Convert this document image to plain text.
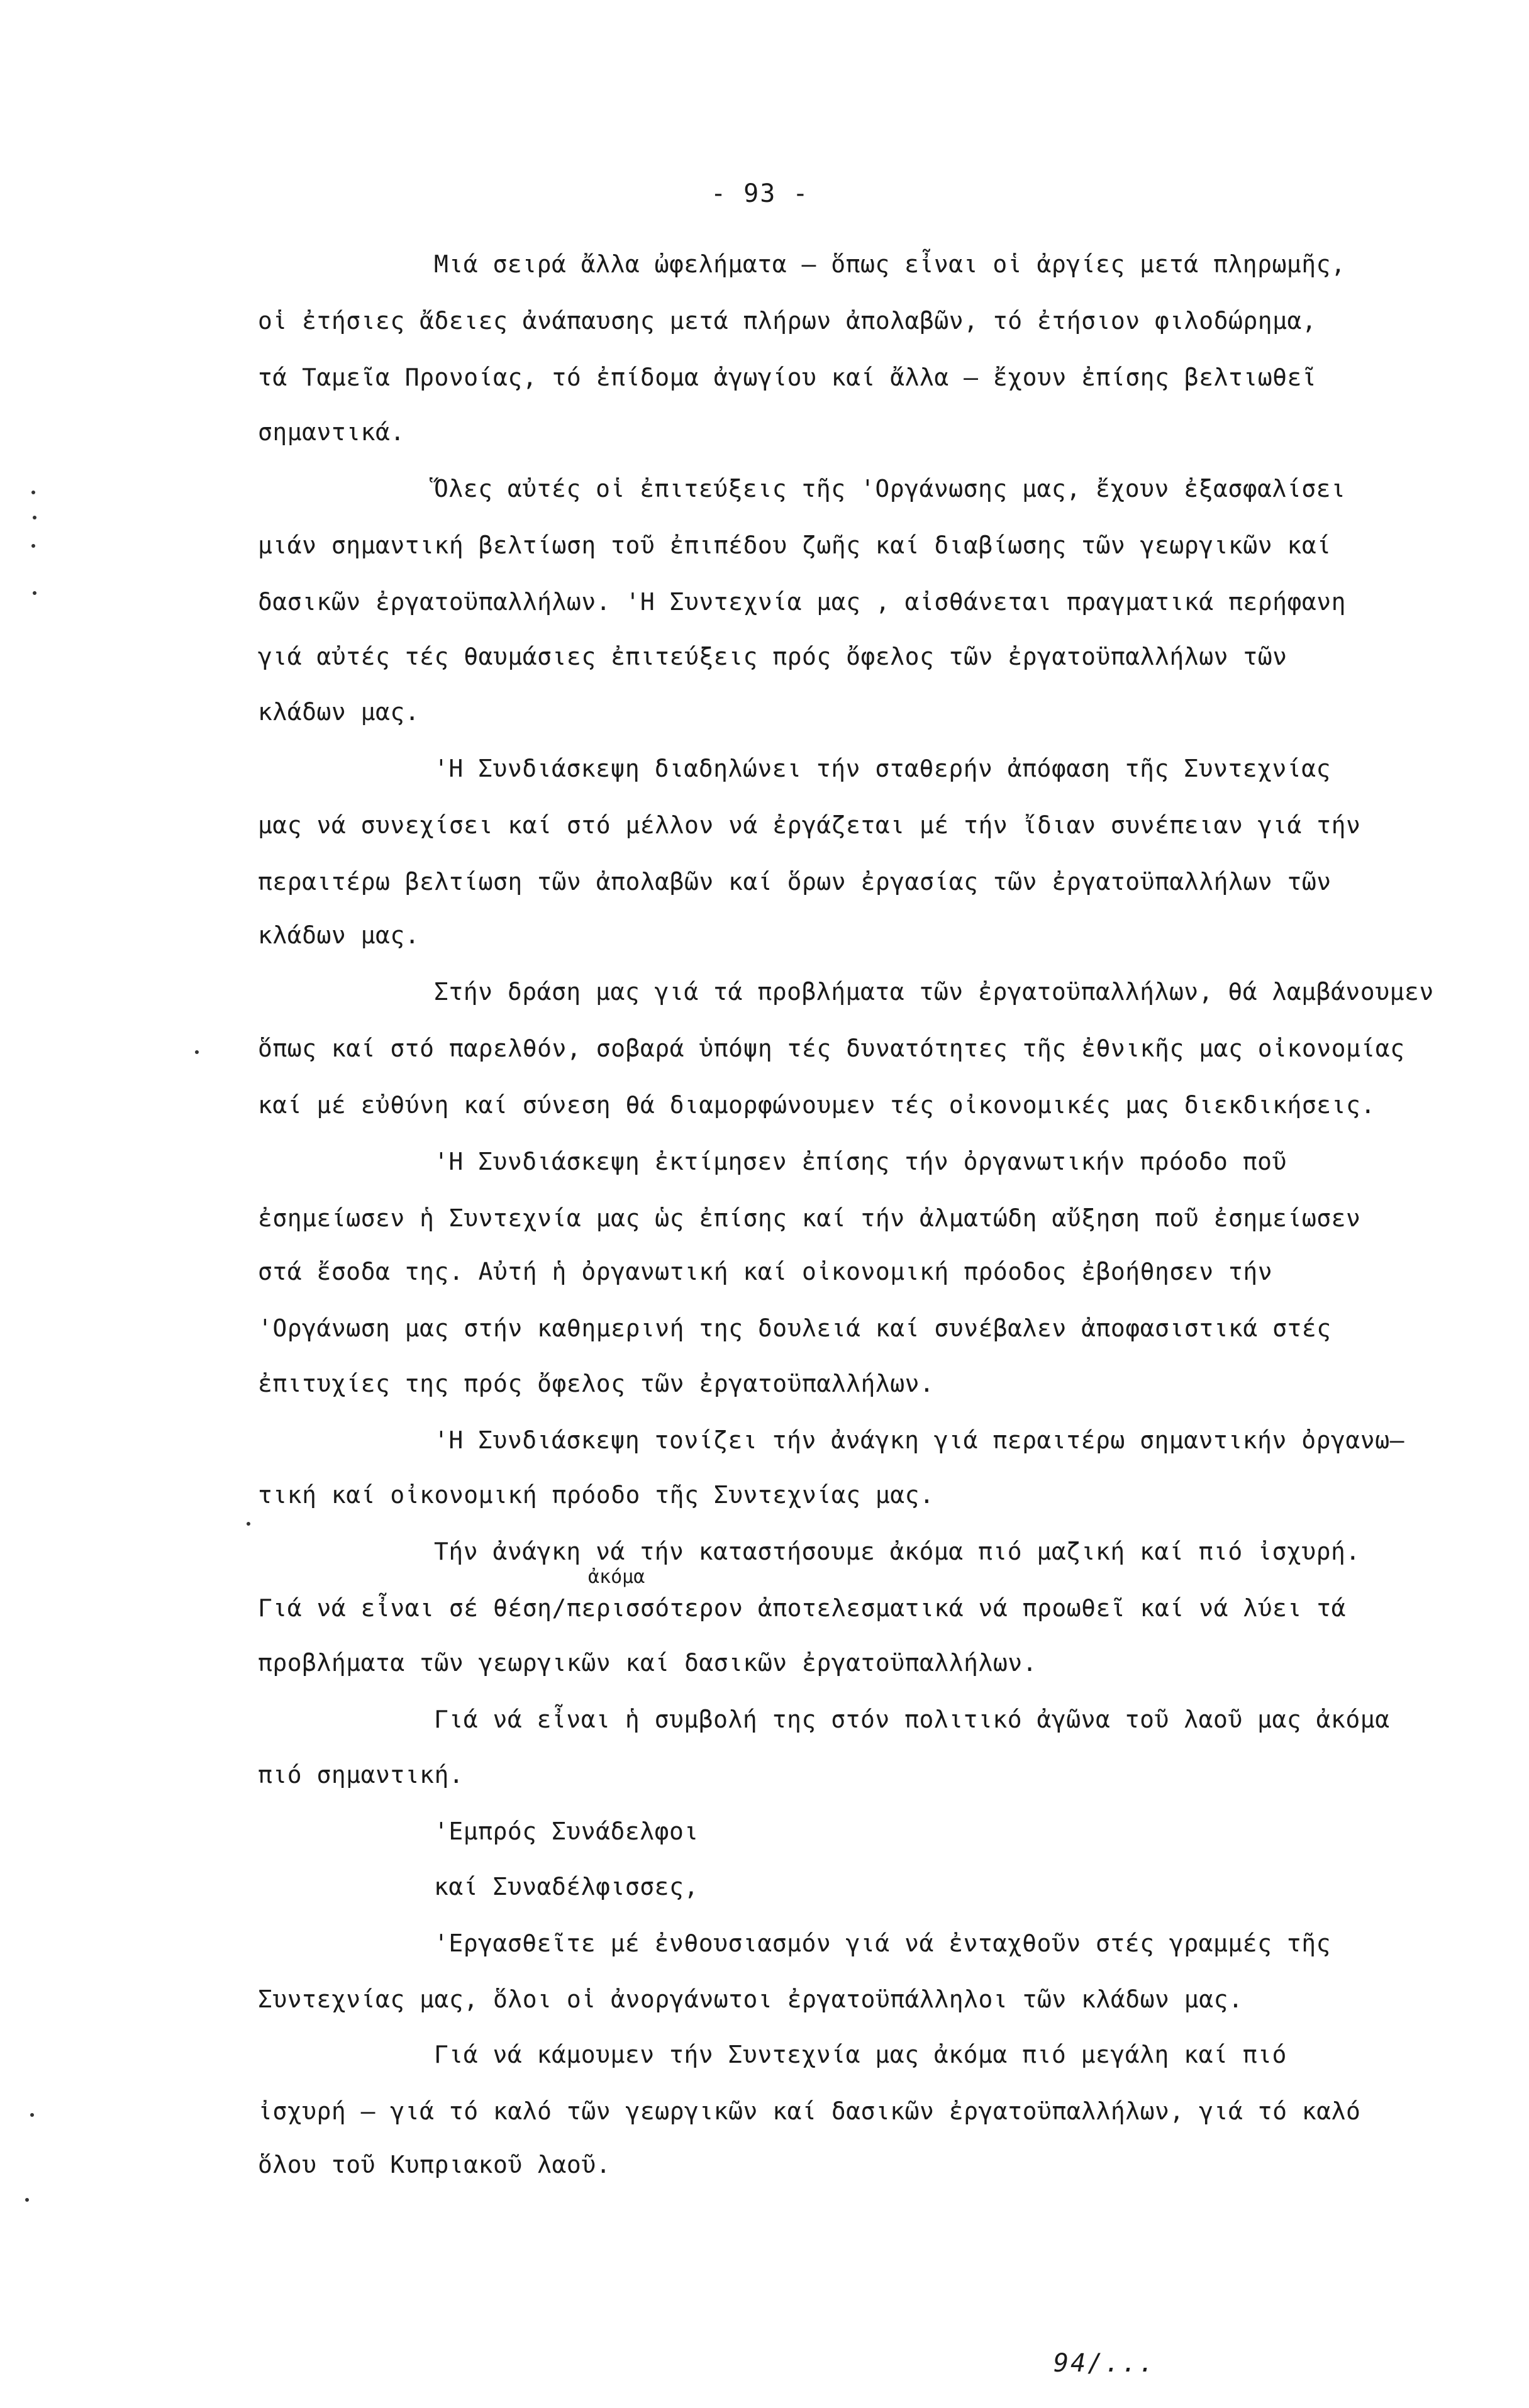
- 93 -
Μιά σειρά ἄλλα ὠφελήματα – ὅπως εἶναι οἱ ἀργίες μετά πληρωμῆς,
οἱ ἐτήσιες ἄδειες ἀνάπαυσης μετά πλήρων ἀπολαβῶν, τό ἐτήσιον φιλοδώρημα,
τά Ταμεῖα Προνοίας, τό ἐπίδομα ἀγωγίου καί ἄλλα – ἔχουν ἐπίσης βελτιωθεῖ
σημαντικά.
Ὅλες αὐτές οἱ ἐπιτεύξεις τῆς 'Οργάνωσης μας, ἔχουν ἐξασφαλίσει
μιάν σημαντική βελτίωση τοῦ ἐπιπέδου ζωῆς καί διαβίωσης τῶν γεωργικῶν καί
δασικῶν ἐργατοϋπαλλήλων. 'Η Συντεχνία μας , αἰσθάνεται πραγματικά περήφανη
γιά αὐτές τές θαυμάσιες ἐπιτεύξεις πρός ὄφελος τῶν ἐργατοϋπαλλήλων τῶν
κλάδων μας.
'Η Συνδιάσκεψη διαδηλώνει τήν σταθερήν ἀπόφαση τῆς Συντεχνίας
μας νά συνεχίσει καί στό μέλλον νά ἐργάζεται μέ τήν ἴδιαν συνέπειαν γιά τήν
περαιτέρω βελτίωση τῶν ἀπολαβῶν καί ὅρων ἐργασίας τῶν ἐργατοϋπαλλήλων τῶν
κλάδων μας.
Στήν δράση μας γιά τά προβλήματα τῶν ἐργατοϋπαλλήλων, θά λαμβάνουμεν
ὅπως καί στό παρελθόν, σοβαρά ὑπόψη τές δυνατότητες τῆς ἐθνικῆς μας οἰκονομίας
καί μέ εὐθύνη καί σύνεση θά διαμορφώνουμεν τές οἰκονομικές μας διεκδικήσεις.
'Η Συνδιάσκεψη ἐκτίμησεν ἐπίσης τήν ὀργανωτικήν πρόοδο ποῦ
ἐσημείωσεν ἡ Συντεχνία μας ὡς ἐπίσης καί τήν ἀλματώδη αὔξηση ποῦ ἐσημείωσεν
στά ἔσοδα της. Αὐτή ἡ ὀργανωτική καί οἰκονομική πρόοδος ἐβοήθησεν τήν
'Οργάνωση μας στήν καθημερινή της δουλειά καί συνέβαλεν ἀποφασιστικά στές
ἐπιτυχίες της πρός ὄφελος τῶν ἐργατοϋπαλλήλων.
'Η Συνδιάσκεψη τονίζει τήν ἀνάγκη γιά περαιτέρω σημαντικήν ὀργανω–
τική καί οἰκονομική πρόοδο τῆς Συντεχνίας μας.
Τήν ἀνάγκη νά τήν καταστήσουμε ἀκόμα πιό μαζική καί πιό ἰσχυρή.
ἀκόμα
Γιά νά εἶναι σέ θέση/περισσότερον ἀποτελεσματικά νά προωθεῖ καί νά λύει τά
προβλήματα τῶν γεωργικῶν καί δασικῶν ἐργατοϋπαλλήλων.
Γιά νά εἶναι ἡ συμβολή της στόν πολιτικό ἀγῶνα τοῦ λαοῦ μας ἀκόμα
πιό σημαντική.
'Εμπρός Συνάδελφοι
καί Συναδέλφισσες,
'Εργασθεῖτε μέ ἐνθουσιασμόν γιά νά ἐνταχθοῦν στές γραμμές τῆς
Συντεχνίας μας, ὅλοι οἱ ἀνοργάνωτοι ἐργατοϋπάλληλοι τῶν κλάδων μας.
Γιά νά κάμουμεν τήν Συντεχνία μας ἀκόμα πιό μεγάλη καί πιό
ἰσχυρή – γιά τό καλό τῶν γεωργικῶν καί δασικῶν ἐργατοϋπαλλήλων, γιά τό καλό
ὅλου τοῦ Κυπριακοῦ λαοῦ.
94/...
